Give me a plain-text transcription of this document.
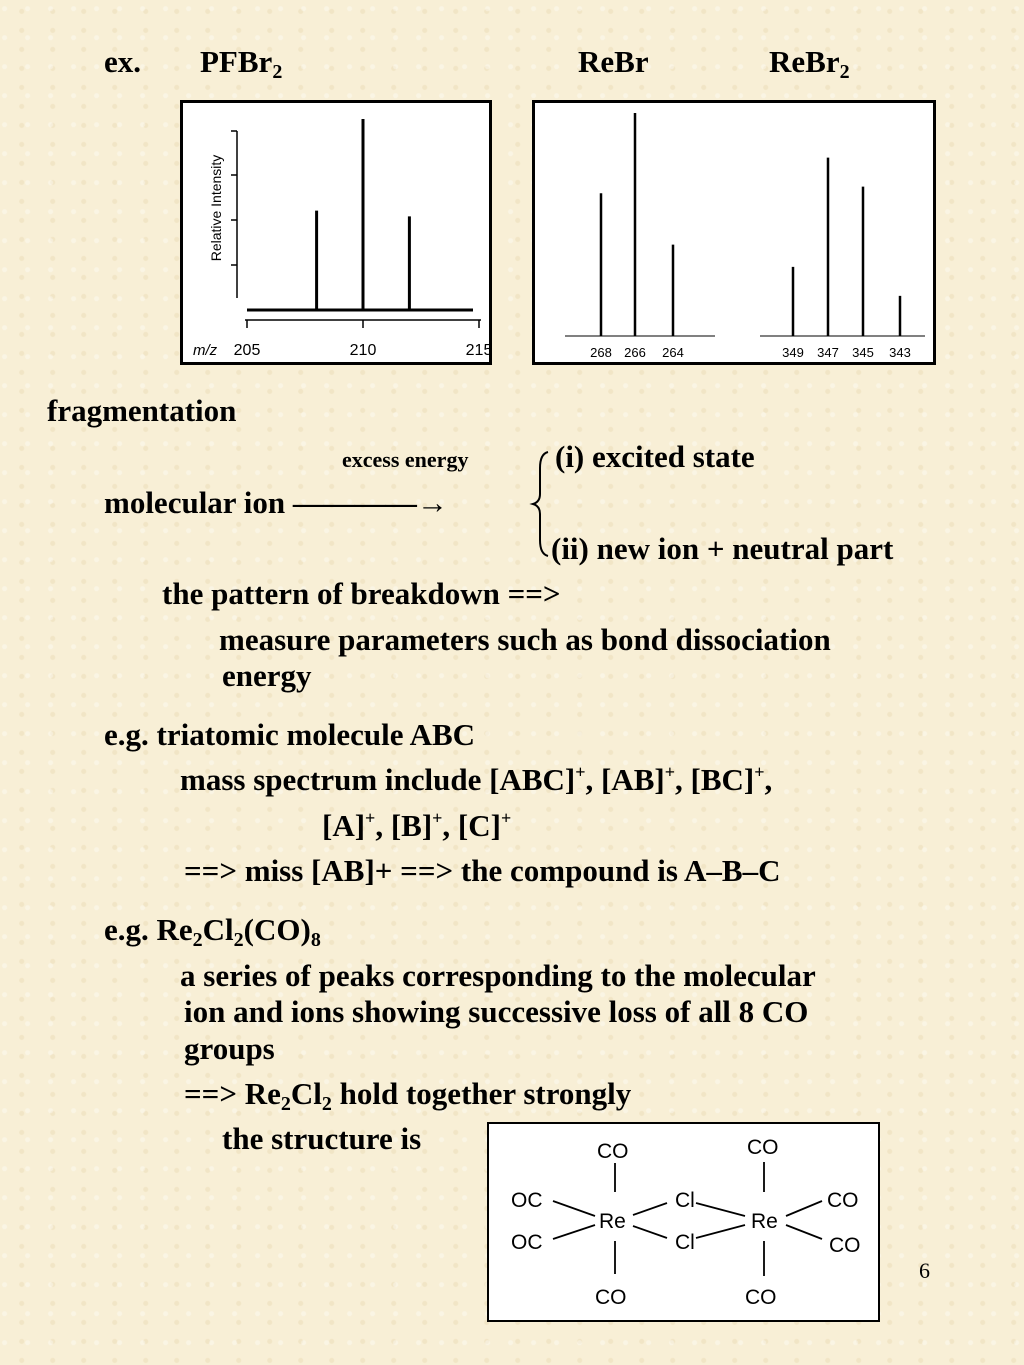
ex. PFBr2	ReBr	ReBr2
Relative Intensity
m/z 205	210	215	268 266 264	349 347 345 343
fragmentation
excess energy	(i) excited state
molecular ion ————→
(ii) new ion + neutral part
the pattern of breakdown ==>
measure parameters such as bond dissociation
energy
e.g. triatomic molecule ABC
mass spectrum include [ABC]+, [AB]+, [BC]+,
[A]+, [B]+, [C]+
==> miss [AB]+ ==> the compound is A–B–C
e.g. Re2Cl2(CO)8
a series of peaks corresponding to the molecular
ion and ions showing successive loss of all 8 CO
groups
==> Re2Cl2 hold together strongly
the structure is	CO	CO
OC
OC
Re
Cl
Cl
Re
CO
CO
CO	CO
6
